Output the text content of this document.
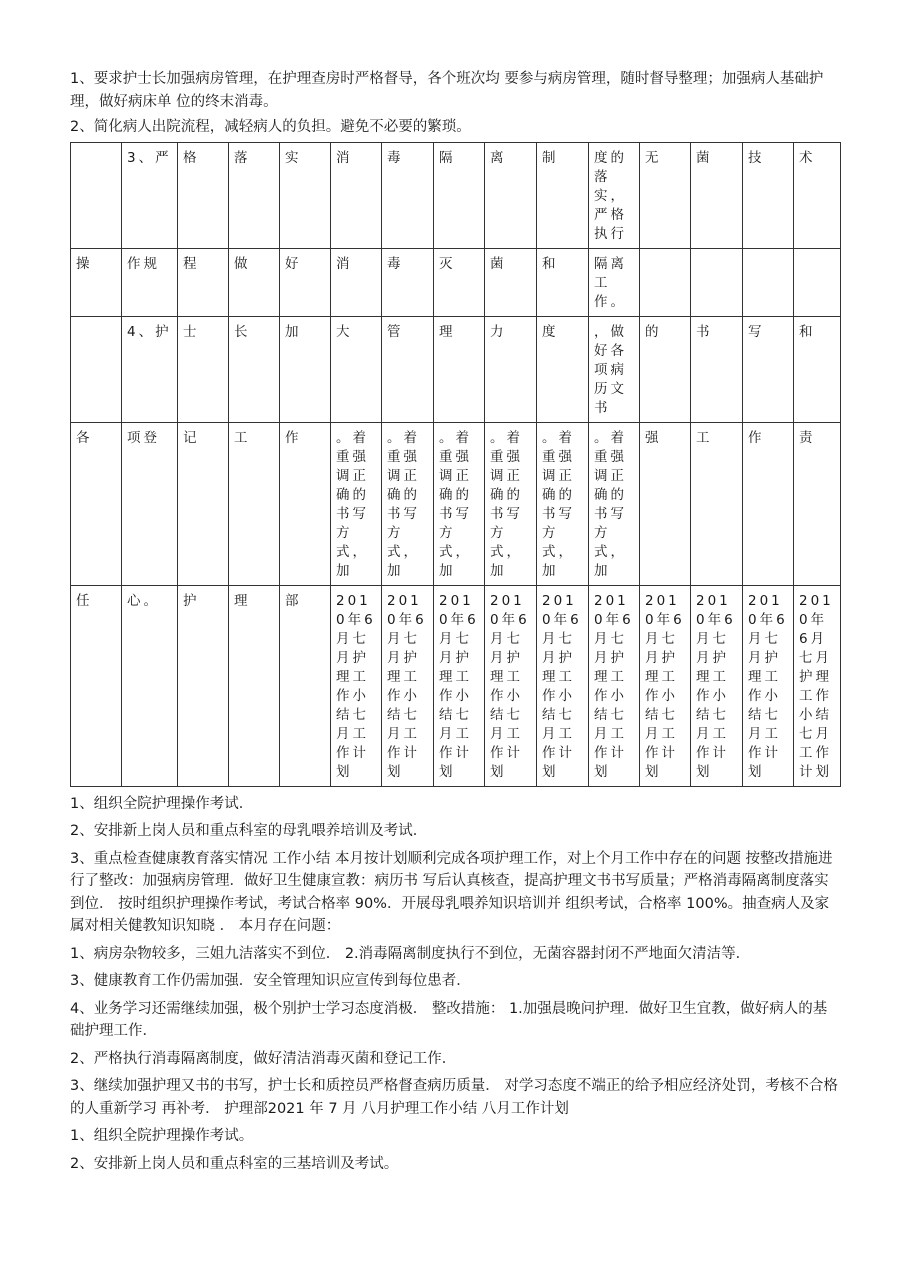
1、要求护士长加强病房管理，在护理查房时严格督导，各个班次均 要参与病房管理，随时督导整理；加强病人基础护理，做好病床单 位的终末消毒。

2、简化病人出院流程，减轻病人的负担。避免不必要的繁琐。

	3、严	格	落	实	消	毒	隔	离	制	度的落实，严格执行	无	菌	技	术
操	作规	程	做	好	消	毒	灭	菌	和	隔离工作。				
	4、护	士	长	加	大	管	理	力	度	，做好各项病历文书	的	书	写	和
各	项登	记	工	作	。着重强调正确的书写方式，加	。着重强调正确的书写方式，加	。着重强调正确的书写方式，加	。着重强调正确的书写方式，加	。着重强调正确的书写方式，加	。着重强调正确的书写方式，加	强	工	作	责
任	心。	护	理	部	2010年6月七月护理工作小结七月工作计划	2010年6月七月护理工作小结七月工作计划	2010年6月七月护理工作小结七月工作计划	2010年6月七月护理工作小结七月工作计划	2010年6月七月护理工作小结七月工作计划	2010年6月七月护理工作小结七月工作计划	2010年6月七月护理工作小结七月工作计划	2010年6月七月护理工作小结七月工作计划	2010年6月七月护理工作小结七月工作计划	2010年6月七月护理工作小结七月工作计划

1、组织全院护理操作考试．

2、安排新上岗人员和重点科室的母乳喂养培训及考试．

3、重点检查健康教育落实情况 工作小结 本月按计划顺利完成各项护理工作，对上个月工作中存在的问题 按整改措施进行了整改：加强病房管理．做好卫生健康宣教：病历书 写后认真核查，提高护理文书书写质量；严格消毒隔离制度落实到位． 按时组织护理操作考试，考试合格率 90%．开展母乳喂养知识培训并 组织考试，合格率 100%。抽查病人及家属对相关健教知识知晓 ． 本月存在问题：

1、病房杂物较多，三姐九洁落实不到位． 2.消毒隔离制度执行不到位，无菌容器封闭不严地面欠清洁等．

3、健康教育工作仍需加强．安全管理知识应宣传到每位患者．

4、业务学习还需继续加强，极个别护士学习态度消极． 整改措施： 1.加强晨晚问护理．做好卫生宜教，做好病人的基础护理工作．

2、严格执行消毒隔离制度，做好清洁消毒灭菌和登记工作．

3、继续加强护理又书的书写，护士长和质控员严格督查病历质量． 对学习态度不端正的给予相应经济处罚，考核不合格的人重新学习 再补考． 护理部2021 年 7 月 八月护理工作小结 八月工作计划

1、组织全院护理操作考试。

2、安排新上岗人员和重点科室的三基培训及考试。
